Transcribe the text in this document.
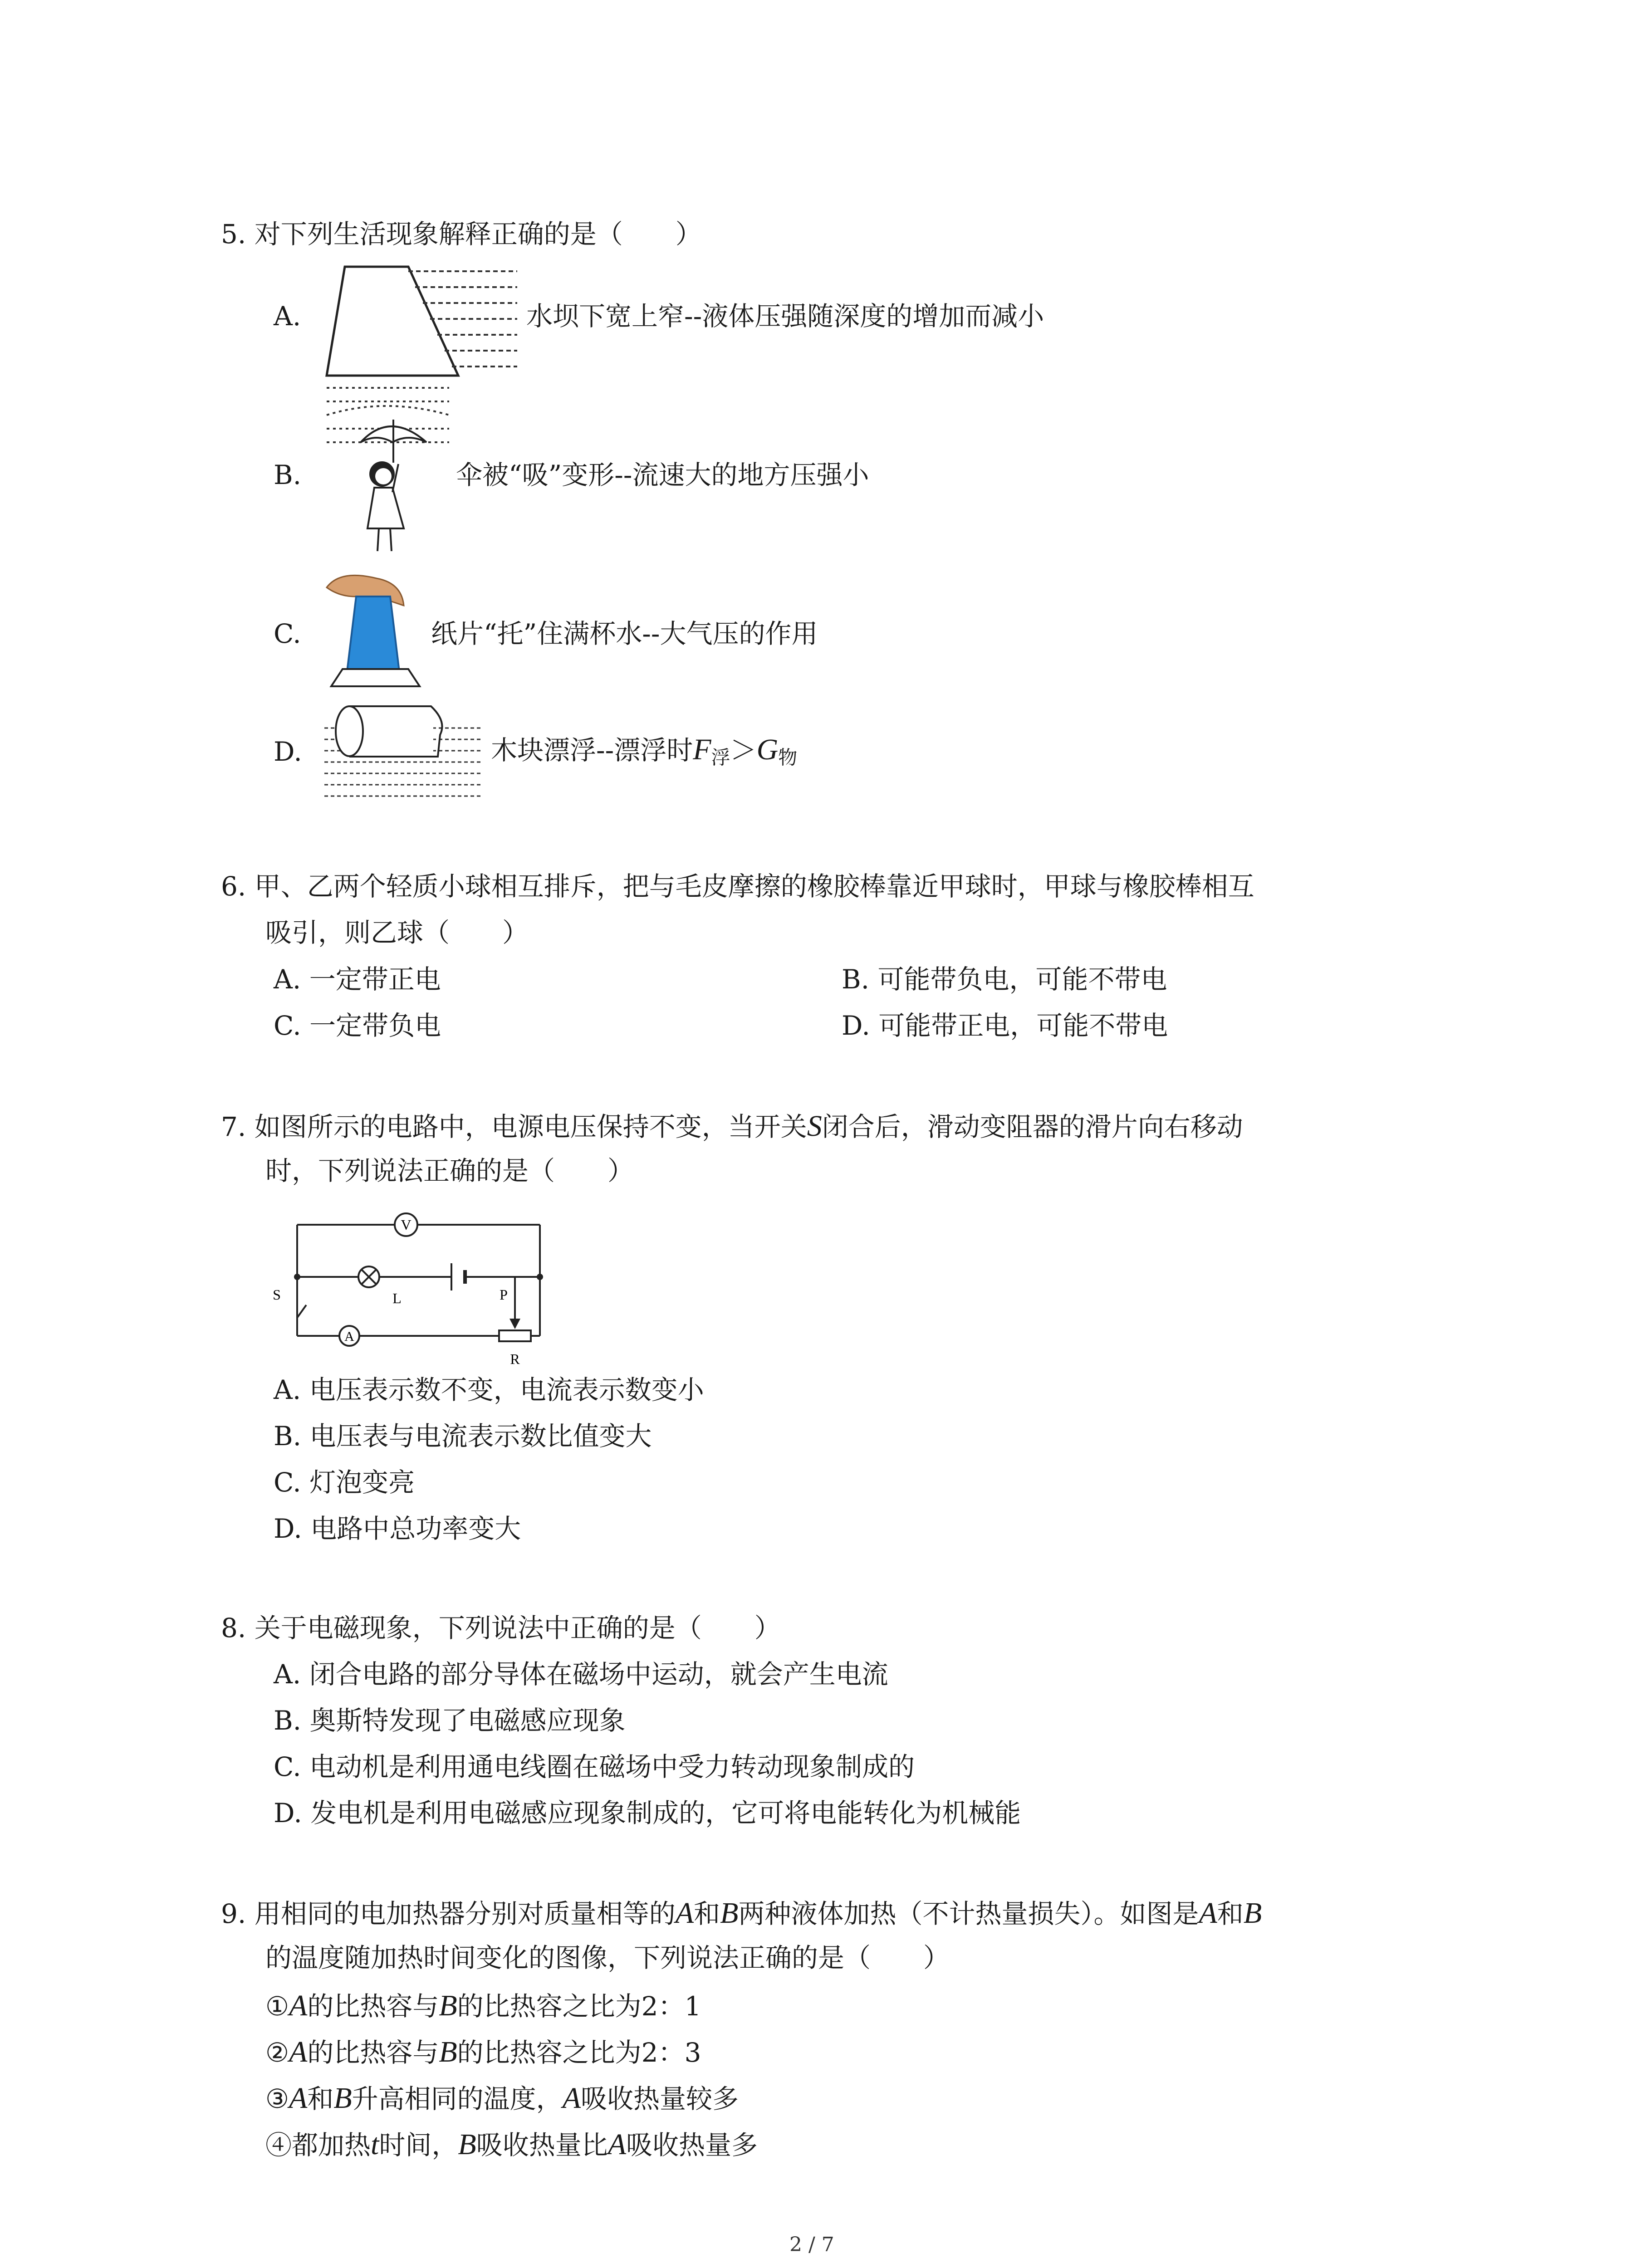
5. 对下列生活现象解释正确的是（　　）
A.	水坝下宽上窄--液体压强随深度的增加而减小
B.	伞被“吸”变形--流速大的地方压强小
C.	纸片“托”住满杯水--大气压的作用
D.	木块漂浮--漂浮时$F_浮>G_物$
6. 甲、乙两个轻质小球相互排斥，把与毛皮摩擦的橡胶棒靠近甲球时，甲球与橡胶棒相互
吸引，则乙球（　　）
A. 一定带正电	B. 可能带负电，可能不带电
C. 一定带负电	D. 可能带正电，可能不带电
7. 如图所示的电路中，电源电压保持不变，当开关S闭合后，滑动变阻器的滑片向右移动
时，下列说法正确的是（　　）
V
L
S
A
P
R
A. 电压表示数不变，电流表示数变小
B. 电压表与电流表示数比值变大
C. 灯泡变亮
D. 电路中总功率变大
8. 关于电磁现象，下列说法中正确的是（　　）
A. 闭合电路的部分导体在磁场中运动，就会产生电流
B. 奥斯特发现了电磁感应现象
C. 电动机是利用通电线圈在磁场中受力转动现象制成的
D. 发电机是利用电磁感应现象制成的，它可将电能转化为机械能
9. 用相同的电加热器分别对质量相等的A和B两种液体加热（不计热量损失）。如图是A和B
的温度随加热时间变化的图像，下列说法正确的是（　　）
①A的比热容与B的比热容之比为2：1
②A的比热容与B的比热容之比为2：3
③A和B升高相同的温度，A吸收热量较多
④都加热t时间，B吸收热量比A吸收热量多
2 / 7
